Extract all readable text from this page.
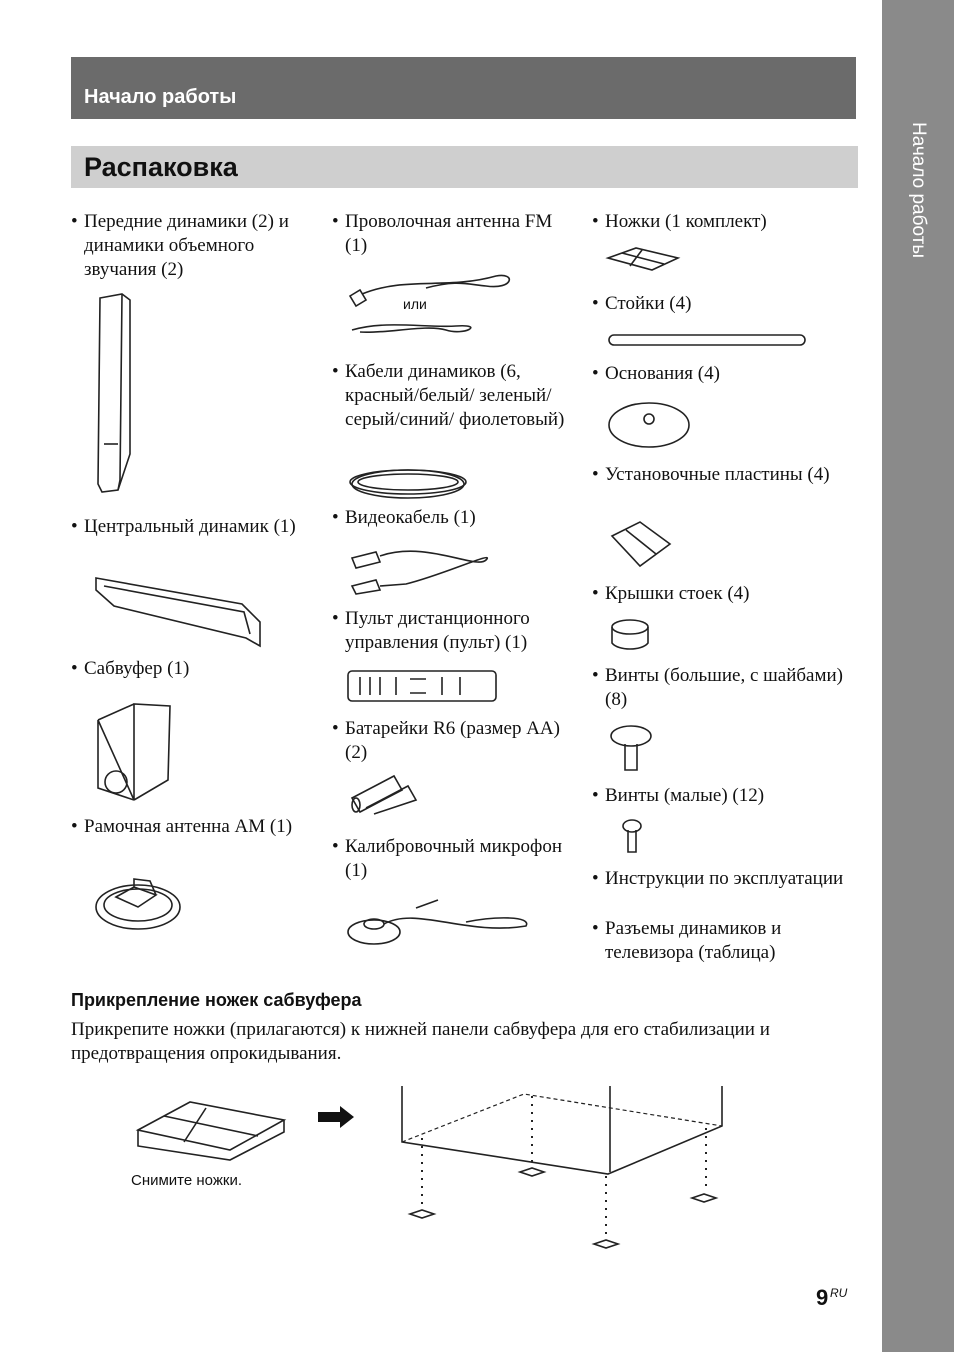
Начало работы
Начало работы
Распаковка
• Передние динамики (2) и динамики объемного звучания (2)
• Центральный динамик (1)
• Сабвуфер (1)
• Рамочная антенна AM (1)
• Проволочная антенна FM (1)
или
• Кабели динамиков (6, красный/белый/ зеленый/серый/синий/ фиолетовый)
• Видеокабель (1)
• Пульт дистанционного управления (пульт) (1)
• Батарейки R6 (размер AA) (2)
• Калибровочный микрофон (1)
• Ножки (1 комплект)
• Стойки (4)
• Основания (4)
• Установочные пластины (4)
• Крышки стоек (4)
• Винты (большие, с шайбами) (8)
• Винты (малые) (12)
• Инструкции по эксплуатации
• Разъемы динамиков и телевизора (таблица)
Прикрепление ножек сабвуфера
Прикрепите ножки (прилагаются) к нижней панели сабвуфера для его стабилизации и предотвращения опрокидывания.
Снимите ножки.
9 RU
